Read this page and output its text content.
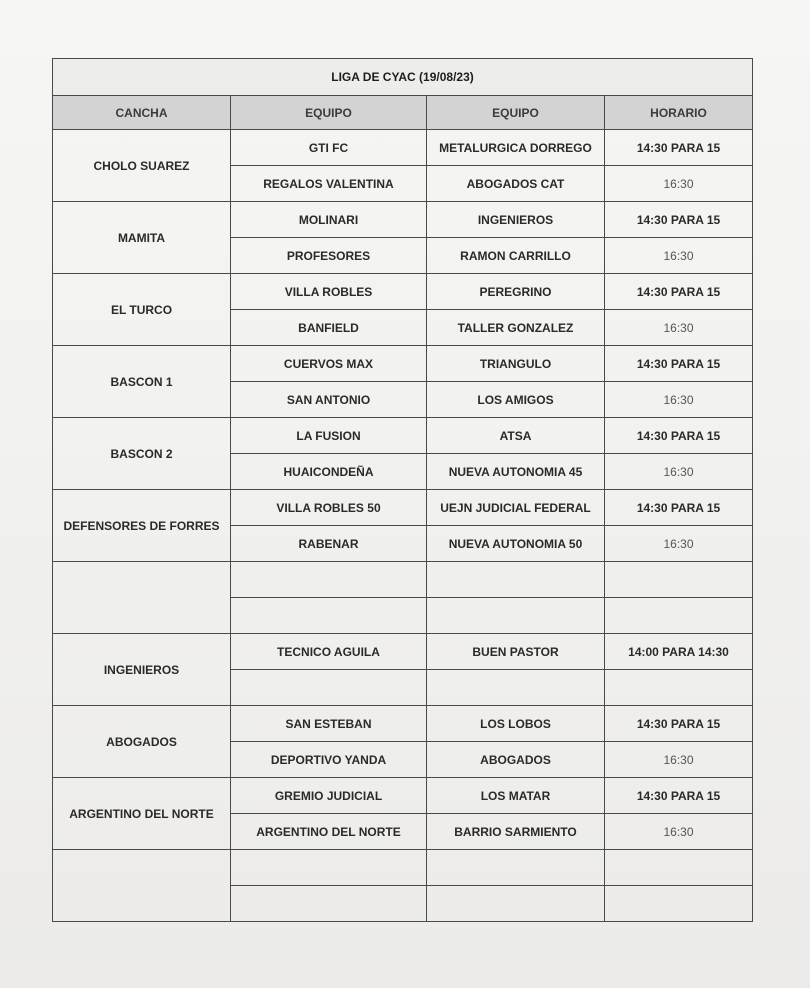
LIGA DE CYAC (19/08/23)			
CANCHA	EQUIPO	EQUIPO	HORARIO
CHOLO SUAREZ	GTI FC	METALURGICA DORREGO	14:30 PARA 15
	REGALOS VALENTINA	ABOGADOS CAT	16:30
MAMITA	MOLINARI	INGENIEROS	14:30 PARA 15
	PROFESORES	RAMON CARRILLO	16:30
EL TURCO	VILLA ROBLES	PEREGRINO	14:30 PARA 15
	BANFIELD	TALLER GONZALEZ	16:30
BASCON 1	CUERVOS MAX	TRIANGULO	14:30 PARA 15
	SAN ANTONIO	LOS AMIGOS	16:30
BASCON 2	LA FUSION	ATSA	14:30 PARA 15
	HUAICONDEÑA	NUEVA AUTONOMIA 45	16:30
DEFENSORES DE FORRES	VILLA ROBLES 50	UEJN JUDICIAL FEDERAL	14:30 PARA 15
	RABENAR	NUEVA AUTONOMIA 50	16:30

INGENIEROS	TECNICO AGUILA	BUEN PASTOR	14:00 PARA 14:30

ABOGADOS	SAN ESTEBAN	LOS LOBOS	14:30 PARA 15
	DEPORTIVO YANDA	ABOGADOS	16:30
ARGENTINO DEL NORTE	GREMIO JUDICIAL	LOS MATAR	14:30 PARA 15
	ARGENTINO DEL NORTE	BARRIO SARMIENTO	16:30
